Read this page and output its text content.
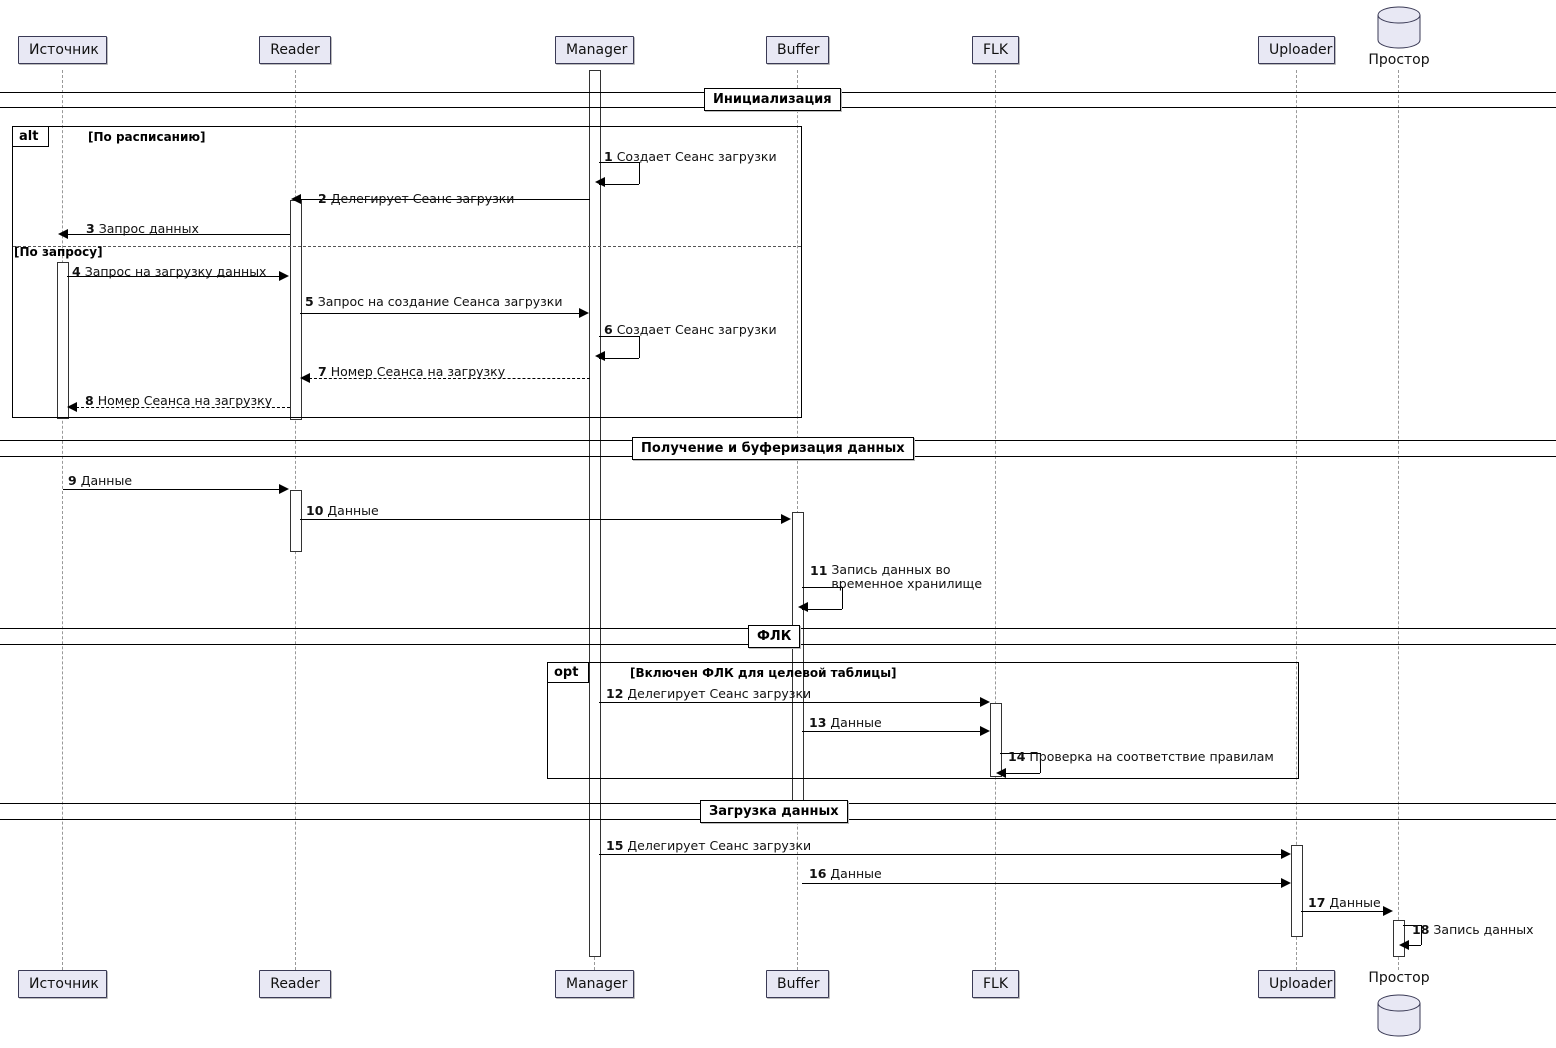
Источник	Reader	Manager	Buffer	FLK	Uploader
Простор
Источник	Reader	Manager	Buffer	FLK	Uploader	Простор
Инициализация
alt	[По расписанию]
[По запросу]
1 Создает Сеанс загрузки
2 Делегирует Сеанс загрузки
3 Запрос данных
4 Запрос на загрузку данных
5 Запрос на создание Сеанса загрузки
6 Создает Сеанс загрузки
7 Номер Сеанса на загрузку
8 Номер Сеанса на загрузку
Получение и буферизация данных
9 Данные
10 Данные
11 Запись данных во временное хранилище
ФЛК
opt	[Включен ФЛК для целевой таблицы]
12 Делегирует Сеанс загрузки
13 Данные
14 Проверка на соответствие правилам
Загрузка данных
15 Делегирует Сеанс загрузки
16 Данные
17 Данные
18 Запись данных
